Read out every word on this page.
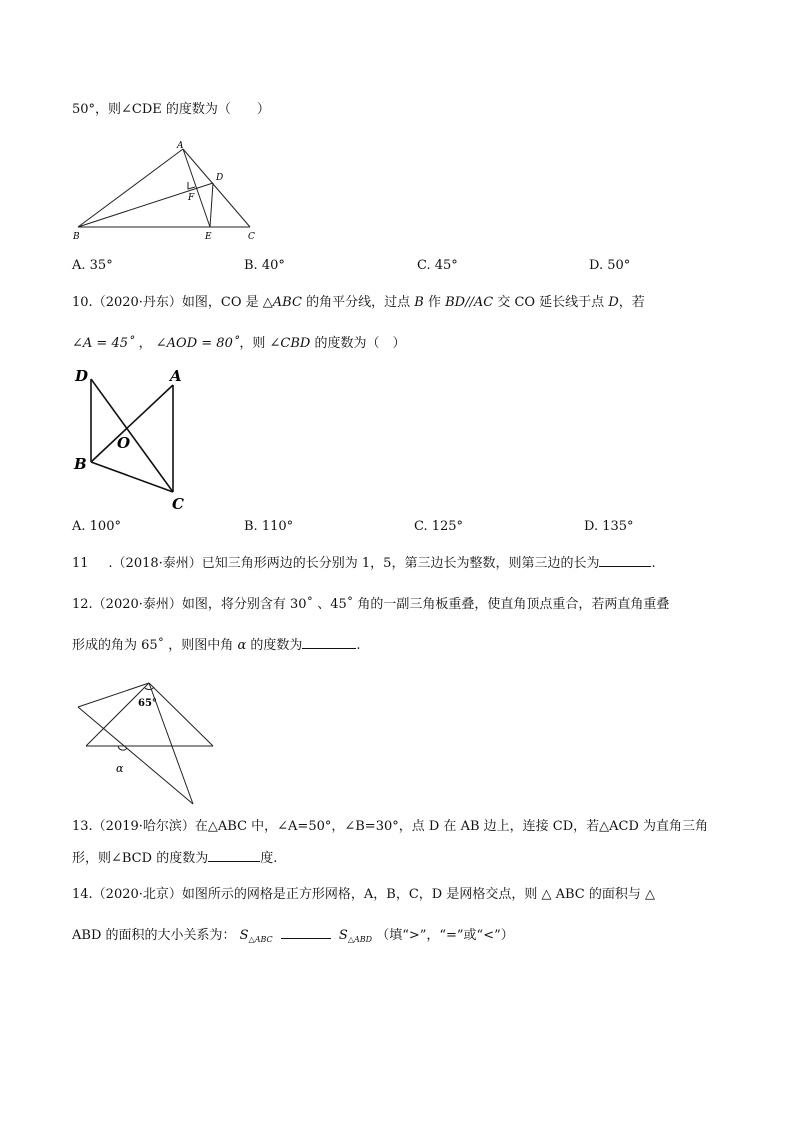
50°，则∠CDE 的度数为（　　）
A
B	C
D
E
F
A. 35°	B. 40°	C. 45°	D. 50°
10.（2020·丹东）如图，CO 是 △ABC 的角平分线，过点 B 作 BD//AC 交 CO 延长线于点 D，若
∠A = 45˚ ， ∠AOD = 80˚，则 ∠CBD 的度数为（　）
D	A
O
B
C
A. 100°	B. 110°	C. 125°	D. 135°
11 .（2018·泰州）已知三角形两边的长分别为 1，5，第三边长为整数，则第三边的长为	.
12.（2020·泰州）如图，将分别含有 30˚ 、45˚ 角的一副三角板重叠，使直角顶点重合，若两直角重叠
形成的角为 65˚ ，则图中角 α 的度数为	.
65°
α
13.（2019·哈尔滨）在△ABC 中，∠A=50°，∠B=30°，点 D 在 AB 边上，连接 CD，若△ACD 为直角三角
形，则∠BCD 的度数为	度.
14.（2020·北京）如图所示的网格是正方形网格，A，B，C，D 是网格交点，则 △ ABC 的面积与 △
ABD 的面积的大小关系为： $S_{\triangle ABC}$	$S_{\triangle ABD}$ （填“>”，“=”或“<”）
